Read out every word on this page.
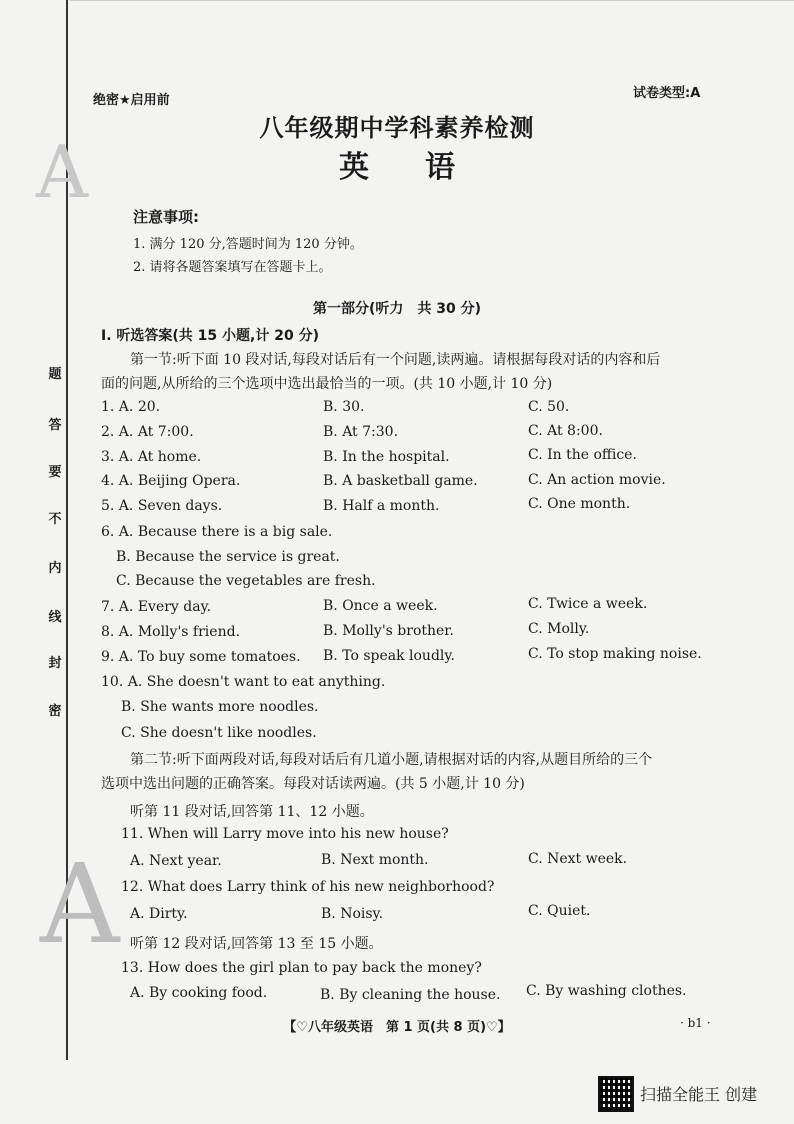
题
答
要
不
内
线
封
密
A
A
绝密★启用前	试卷类型:A
八年级期中学科素养检测
英语
注意事项:
1. 满分 120 分,答题时间为 120 分钟。
2. 请将各题答案填写在答题卡上。
第一部分(听力　共 30 分)
Ⅰ. 听选答案(共 15 小题,计 20 分)
第一节:听下面 10 段对话,每段对话后有一个问题,读两遍。请根据每段对话的内容和后
面的问题,从所给的三个选项中选出最恰当的一项。(共 10 小题,计 10 分)
1. A. 20.	B. 30.	C. 50.
2. A. At 7:00.	B. At 7:30.	C. At 8:00.
3. A. At home.	B. In the hospital.	C. In the office.
4. A. Beijing Opera.	B. A basketball game.	C. An action movie.
5. A. Seven days.	B. Half a month.	C. One month.
6. A. Because there is a big sale.
B. Because the service is great.
C. Because the vegetables are fresh.
7. A. Every day.	B. Once a week.	C. Twice a week.
8. A. Molly's friend.	B. Molly's brother.	C. Molly.
9. A. To buy some tomatoes. B. To speak loudly.	C. To stop making noise.
10. A. She doesn't want to eat anything.
B. She wants more noodles.
C. She doesn't like noodles.
第二节:听下面两段对话,每段对话后有几道小题,请根据对话的内容,从题目所给的三个
选项中选出问题的正确答案。每段对话读两遍。(共 5 小题,计 10 分)
听第 11 段对话,回答第 11、12 小题。
11. When will Larry move into his new house?
A. Next year.	B. Next month.	C. Next week.
12. What does Larry think of his new neighborhood?
A. Dirty.	B. Noisy.	C. Quiet.
听第 12 段对话,回答第 13 至 15 小题。
13. How does the girl plan to pay back the money?
A. By cooking food.	B. By cleaning the house. C. By washing clothes.
【♡八年级英语　第 1 页(共 8 页)♡】	· b1 ·
扫描全能王 创建
